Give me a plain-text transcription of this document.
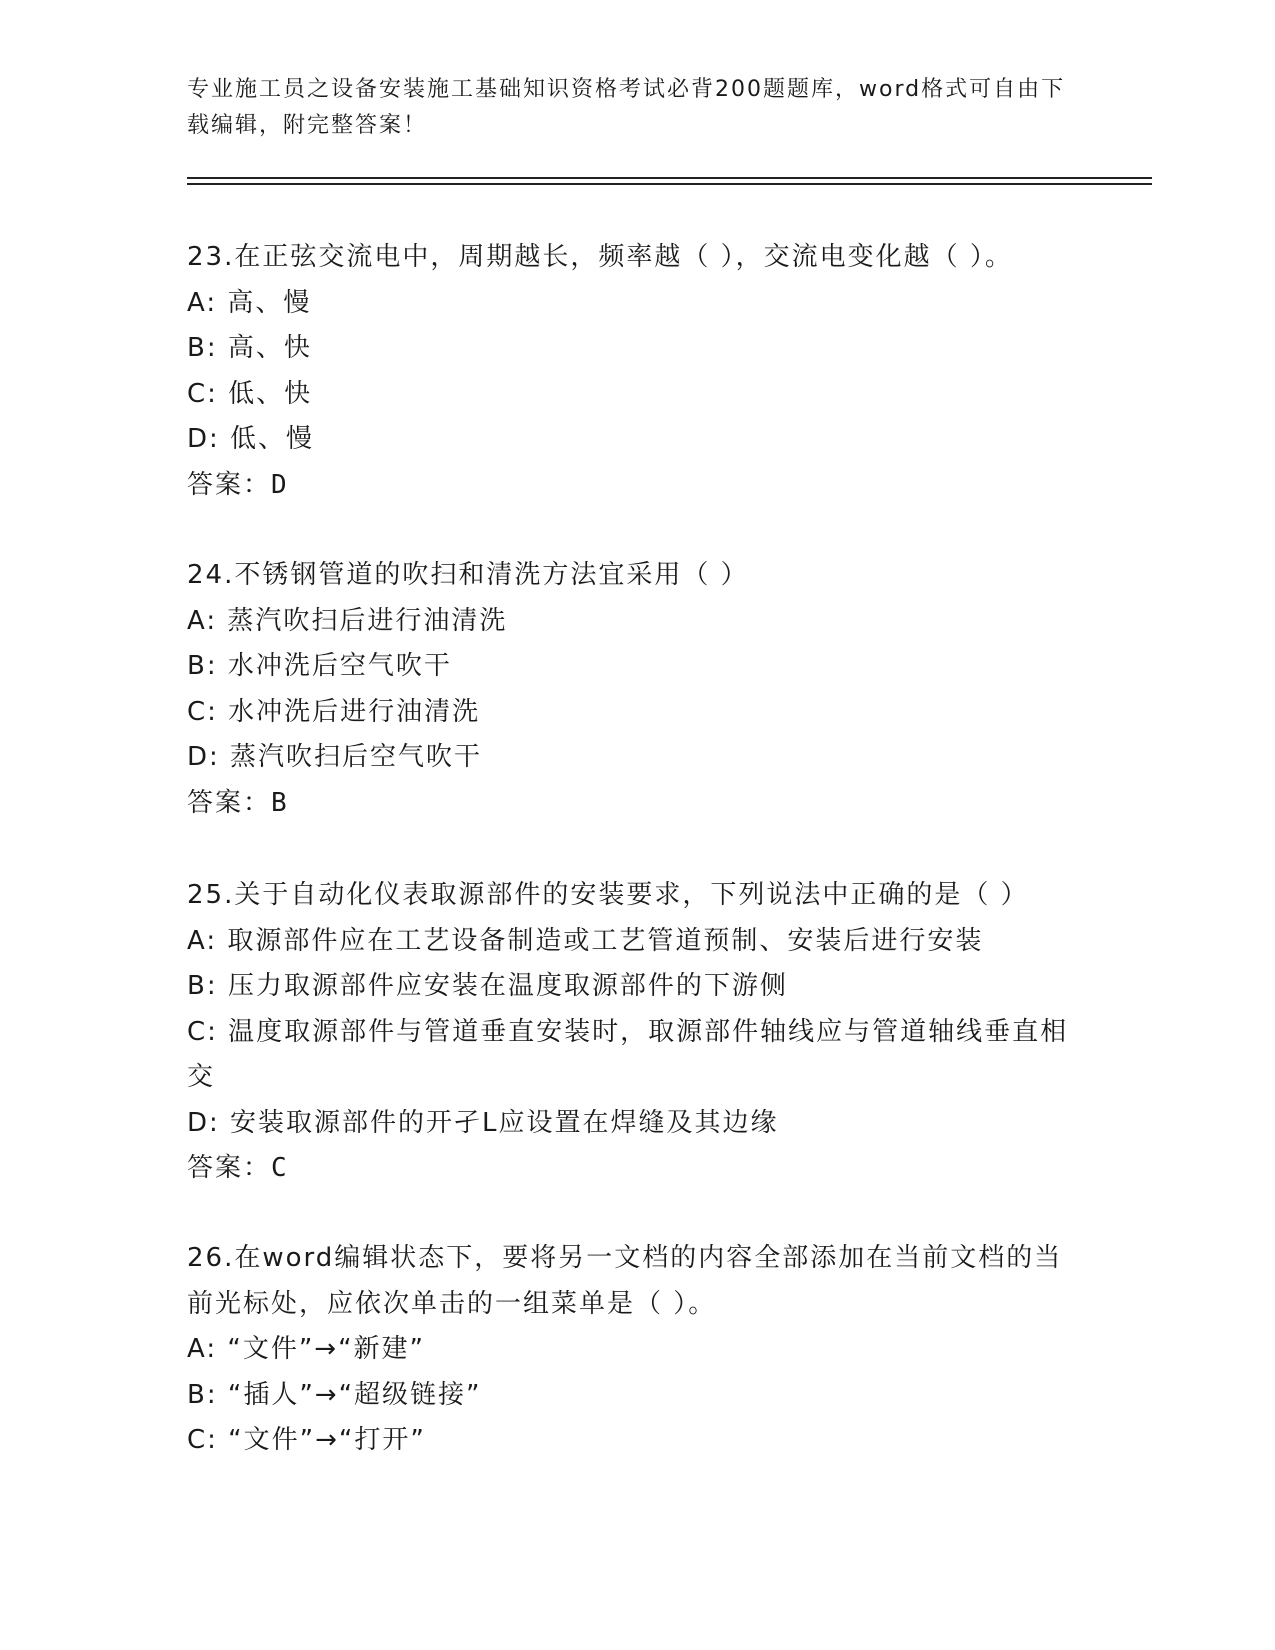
专业施工员之设备安装施工基础知识资格考试必背200题题库，word格式可自由下载编辑，附完整答案！
23.在正弦交流电中，周期越长，频率越（ ），交流电变化越（ ）。
A: 高、慢
B: 高、快
C: 低、快
D: 低、慢
答案：D
24.不锈钢管道的吹扫和清洗方法宜采用（ ）
A: 蒸汽吹扫后进行油清洗
B: 水冲洗后空气吹干
C: 水冲洗后进行油清洗
D: 蒸汽吹扫后空气吹干
答案：B
25.关于自动化仪表取源部件的安装要求，下列说法中正确的是（ ）
A: 取源部件应在工艺设备制造或工艺管道预制、安装后进行安装
B: 压力取源部件应安装在温度取源部件的下游侧
C: 温度取源部件与管道垂直安装时，取源部件轴线应与管道轴线垂直相交
D: 安装取源部件的开孑L应设置在焊缝及其边缘
答案：C
26.在word编辑状态下，要将另一文档的内容全部添加在当前文档的当前光标处，应依次单击的一组菜单是（ ）。
A: “文件”→“新建”
B: “插人”→“超级链接”
C: “文件”→“打开”
